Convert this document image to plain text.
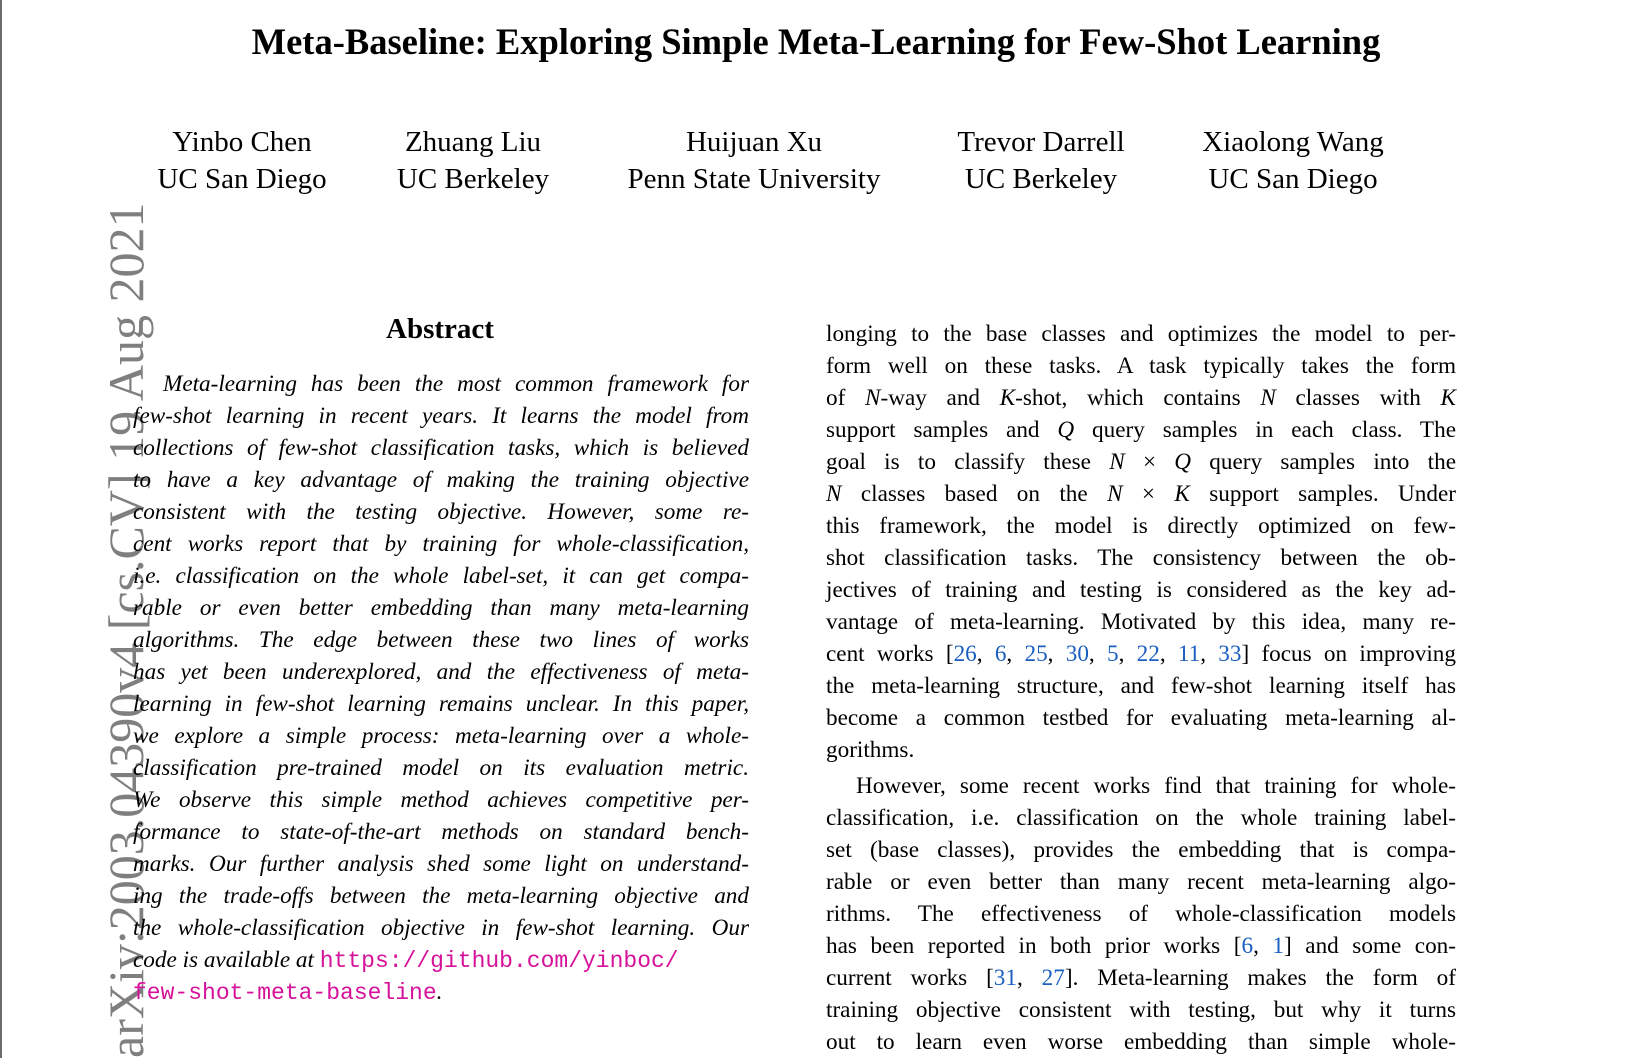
arXiv:2003.04390v4 [cs.CV] 19 Aug 2021
Meta-Baseline: Exploring Simple Meta-Learning for Few-Shot Learning
Yinbo Chen
UC San Diego
Zhuang Liu
UC Berkeley
Huijuan Xu
Penn State University
Trevor Darrell
UC Berkeley
Xiaolong Wang
UC San Diego
Abstract
Meta-learning has been the most common framework for
few-shot learning in recent years. It learns the model from
collections of few-shot classification tasks, which is believed
to have a key advantage of making the training objective
consistent with the testing objective. However, some re-
cent works report that by training for whole-classification,
i.e. classification on the whole label-set, it can get compa-
rable or even better embedding than many meta-learning
algorithms. The edge between these two lines of works
has yet been underexplored, and the effectiveness of meta-
learning in few-shot learning remains unclear. In this paper,
we explore a simple process: meta-learning over a whole-
classification pre-trained model on its evaluation metric.
We observe this simple method achieves competitive per-
formance to state-of-the-art methods on standard bench-
marks. Our further analysis shed some light on understand-
ing the trade-offs between the meta-learning objective and
the whole-classification objective in few-shot learning. Our
code is available at https://github.com/yinboc/
few-shot-meta-baseline.
longing to the base classes and optimizes the model to per-
form well on these tasks. A task typically takes the form
of N-way and K-shot, which contains N classes with K
support samples and Q query samples in each class. The
goal is to classify these N × Q query samples into the
N classes based on the N × K support samples. Under
this framework, the model is directly optimized on few-
shot classification tasks. The consistency between the ob-
jectives of training and testing is considered as the key ad-
vantage of meta-learning. Motivated by this idea, many re-
cent works [26, 6, 25, 30, 5, 22, 11, 33] focus on improving
the meta-learning structure, and few-shot learning itself has
become a common testbed for evaluating meta-learning al-
gorithms.
However, some recent works find that training for whole-
classification, i.e. classification on the whole training label-
set (base classes), provides the embedding that is compa-
rable or even better than many recent meta-learning algo-
rithms. The effectiveness of whole-classification models
has been reported in both prior works [6, 1] and some con-
current works [31, 27]. Meta-learning makes the form of
training objective consistent with testing, but why it turns
out to learn even worse embedding than simple whole-
